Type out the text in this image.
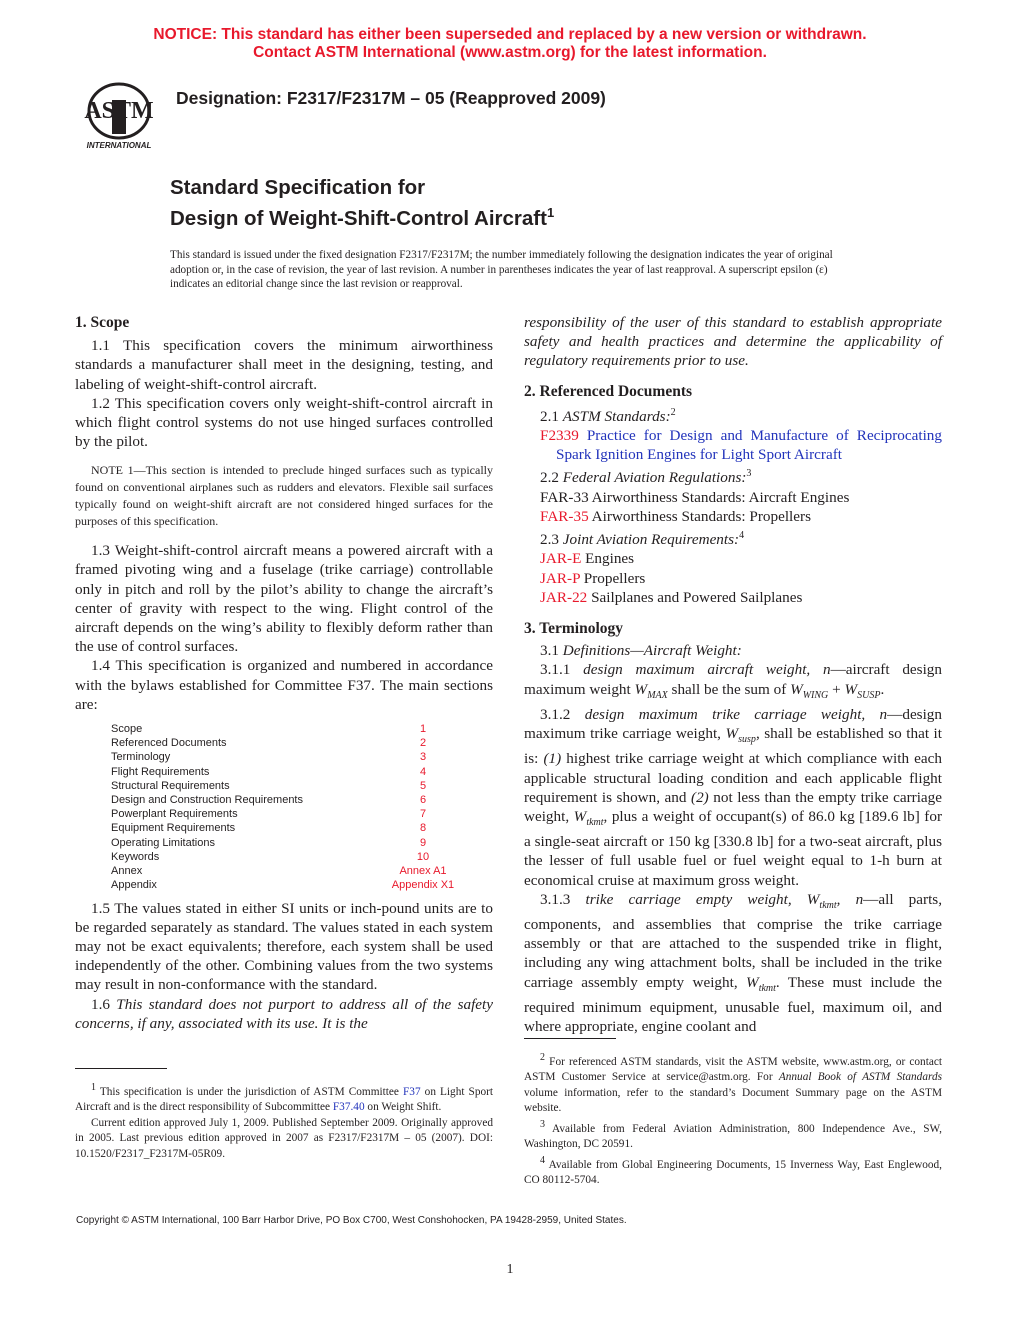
NOTICE: This standard has either been superseded and replaced by a new version or withdrawn.
Contact ASTM International (www.astm.org) for the latest information.
ASTM
INTERNATIONAL
Designation: F2317/F2317M – 05 (Reapproved 2009)
Standard Specification for
Design of Weight-Shift-Control Aircraft$^1$
This standard is issued under the fixed designation F2317/F2317M; the number immediately following the designation indicates the year of original adoption or, in the case of revision, the year of last revision. A number in parentheses indicates the year of last reapproval. A superscript epsilon (ε) indicates an editorial change since the last revision or reapproval.

1. Scope

1.1 This specification covers the minimum airworthiness standards a manufacturer shall meet in the designing, testing, and labeling of weight-shift-control aircraft.

1.2 This specification covers only weight-shift-control aircraft in which flight control systems do not use hinged surfaces controlled by the pilot.

NOTE 1—This section is intended to preclude hinged surfaces such as typically found on conventional airplanes such as rudders and elevators. Flexible sail surfaces typically found on weight-shift aircraft are not considered hinged surfaces for the purposes of this specification.

1.3 Weight-shift-control aircraft means a powered aircraft with a framed pivoting wing and a fuselage (trike carriage) controllable only in pitch and roll by the pilot’s ability to change the aircraft’s center of gravity with respect to the wing. Flight control of the aircraft depends on the wing’s ability to flexibly deform rather than the use of control surfaces.

1.4 This specification is organized and numbered in accordance with the bylaws established for Committee F37. The main sections are:

Scope	1
Referenced Documents	2
Terminology	3
Flight Requirements	4
Structural Requirements	5
Design and Construction Requirements	6
Powerplant Requirements	7
Equipment Requirements	8
Operating Limitations	9
Keywords	10
Annex	Annex A1
Appendix	Appendix X1

1.5 The values stated in either SI units or inch-pound units are to be regarded separately as standard. The values stated in each system may not be exact equivalents; therefore, each system shall be used independently of the other. Combining values from the two systems may result in non-conformance with the standard.

1.6 This standard does not purport to address all of the safety concerns, if any, associated with its use. It is the

$^1$ This specification is under the jurisdiction of ASTM Committee F37 on Light Sport Aircraft and is the direct responsibility of Subcommittee F37.40 on Weight Shift.

Current edition approved July 1, 2009. Published September 2009. Originally approved in 2005. Last previous edition approved in 2007 as F2317/F2317M – 05 (2007). DOI: 10.1520/F2317_F2317M-05R09.

responsibility of the user of this standard to establish appropriate safety and health practices and determine the applicability of regulatory requirements prior to use.

2. Referenced Documents

2.1 ASTM Standards:$^2$

F2339 Practice for Design and Manufacture of Reciprocating Spark Ignition Engines for Light Sport Aircraft

2.2 Federal Aviation Regulations:$^3$

FAR-33 Airworthiness Standards: Aircraft Engines

FAR-35 Airworthiness Standards: Propellers

2.3 Joint Aviation Requirements:$^4$

JAR-E Engines

JAR-P Propellers

JAR-22 Sailplanes and Powered Sailplanes

3. Terminology

3.1 Definitions—Aircraft Weight:

3.1.1 design maximum aircraft weight, n—aircraft design maximum weight $W_{MAX}$ shall be the sum of $W_{WING} + W_{SUSP}$.

3.1.2 design maximum trike carriage weight, n—design maximum trike carriage weight, $W_{susp}$, shall be established so that it is: (1) highest trike carriage weight at which compliance with each applicable structural loading condition and each applicable flight requirement is shown, and (2) not less than the empty trike carriage weight, $W_{tkmt}$, plus a weight of occupant(s) of 86.0 kg [189.6 lb] for a single-seat aircraft or 150 kg [330.8 lb] for a two-seat aircraft, plus the lesser of full usable fuel or fuel weight equal to 1-h burn at economical cruise at maximum gross weight.

3.1.3 trike carriage empty weight, $W_{tkmt}$, n—all parts, components, and assemblies that comprise the trike carriage assembly or that are attached to the suspended trike in flight, including any wing attachment bolts, shall be included in the trike carriage assembly empty weight, $W_{tkmt}$. These must include the required minimum equipment, unusable fuel, maximum oil, and where appropriate, engine coolant and

$^2$ For referenced ASTM standards, visit the ASTM website, www.astm.org, or contact ASTM Customer Service at service@astm.org. For Annual Book of ASTM Standards volume information, refer to the standard’s Document Summary page on the ASTM website.

$^3$ Available from Federal Aviation Administration, 800 Independence Ave., SW, Washington, DC 20591.

$^4$ Available from Global Engineering Documents, 15 Inverness Way, East Englewood, CO 80112-5704.

Copyright © ASTM International, 100 Barr Harbor Drive, PO Box C700, West Conshohocken, PA 19428-2959, United States.
1
